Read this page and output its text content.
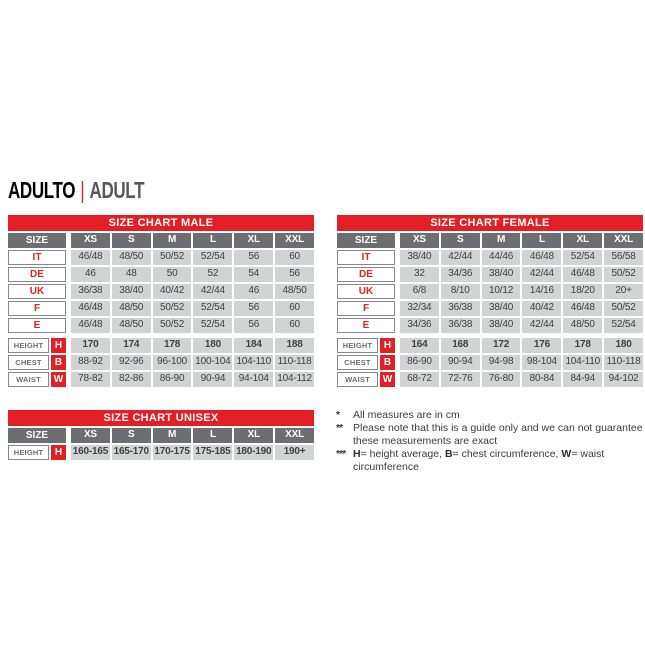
ADULTO | ADULT
SIZE CHART MALE
SIZE	XS	S	M	L	XL	XXL
IT	46/48	48/50	50/52	52/54	56	60
DE	46	48	50	52	54	56
UK	36/38	38/40	40/42	42/44	46	48/50
F	46/48	48/50	50/52	52/54	56	60
E	46/48	48/50	50/52	52/54	56	60
HEIGHT	H	170	174	178	180	184	188
CHEST	B	88-92	92-96	96-100 100-104 104-110 110-118
WAIST	W	78-82	82-86	86-90	90-94	94-104 104-112
SIZE CHART FEMALE
SIZE	XS	S	M	L	XL	XXL
IT	38/40	42/44	44/46	46/48	52/54	56/58
DE	32	34/36	38/40	42/44	46/48	50/52
UK	6/8	8/10	10/12	14/16	18/20	20+
F	32/34	36/38	38/40	40/42	46/48	50/52
E	34/36	36/38	38/40	42/44	48/50	52/54
HEIGHT	H	164	168	172	176	178	180
CHEST	B	86-90	90-94	94-98	98-104 104-110 110-118
WAIST	W	68-72	72-76	76-80	80-84	84-94	94-102
SIZE CHART UNISEX
SIZE	XS	S	M	L	XL	XXL
HEIGHT	H	160-165 165-170 170-175 175-185 180-190	190+
*	All measures are in cm
**	Please note that this is a guide only and we can not guarantee these measurements are exact
*** H= height average, B= chest circumference, W= waist circumference
